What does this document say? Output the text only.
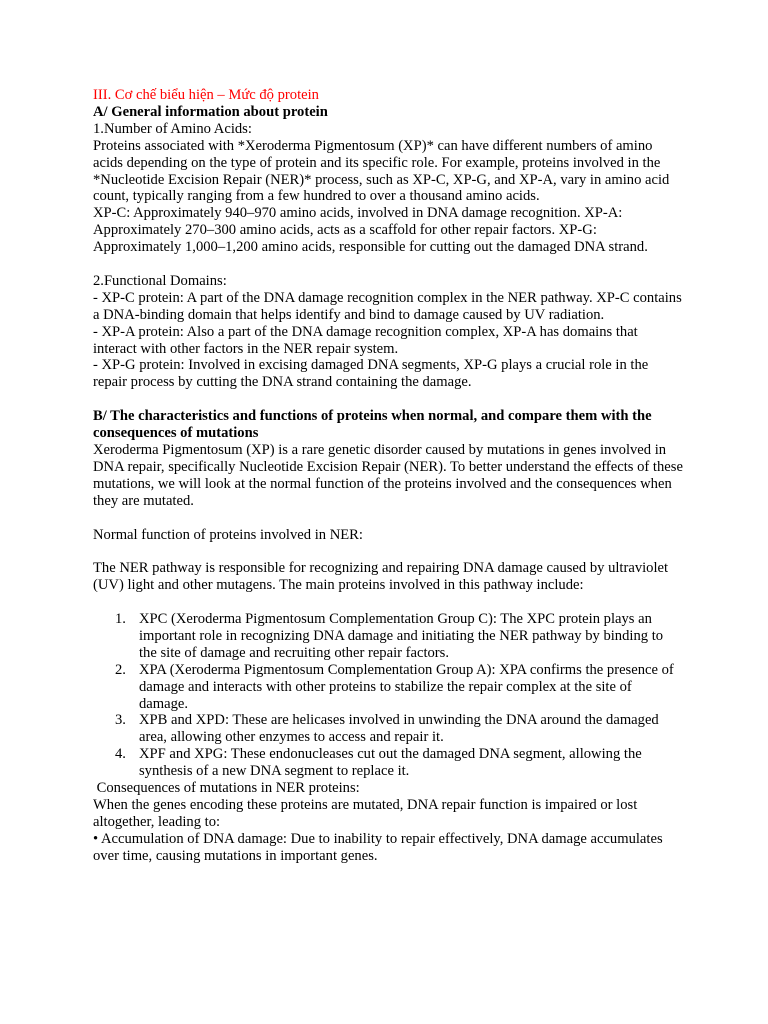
III. Cơ chế biểu hiện – Mức độ protein

A/ General information about protein

1.Number of Amino Acids:

Proteins associated with *Xeroderma Pigmentosum (XP)* can have different numbers of amino acids depending on the type of protein and its specific role. For example, proteins involved in the *Nucleotide Excision Repair (NER)* process, such as XP-C, XP-G, and XP-A, vary in amino acid count, typically ranging from a few hundred to over a thousand amino acids.

XP-C: Approximately 940–970 amino acids, involved in DNA damage recognition. XP-A: Approximately 270–300 amino acids, acts as a scaffold for other repair factors. XP-G: Approximately 1,000–1,200 amino acids, responsible for cutting out the damaged DNA strand.

2.Functional Domains:

- XP-C protein: A part of the DNA damage recognition complex in the NER pathway. XP-C contains a DNA-binding domain that helps identify and bind to damage caused by UV radiation.

- XP-A protein: Also a part of the DNA damage recognition complex, XP-A has domains that interact with other factors in the NER repair system.

- XP-G protein: Involved in excising damaged DNA segments, XP-G plays a crucial role in the repair process by cutting the DNA strand containing the damage.

B/ The characteristics and functions of proteins when normal, and compare them with the consequences of mutations

Xeroderma Pigmentosum (XP) is a rare genetic disorder caused by mutations in genes involved in DNA repair, specifically Nucleotide Excision Repair (NER). To better understand the effects of these mutations, we will look at the normal function of the proteins involved and the consequences when they are mutated.

Normal function of proteins involved in NER:

The NER pathway is responsible for recognizing and repairing DNA damage caused by ultraviolet (UV) light and other mutagens. The main proteins involved in this pathway include:

1. XPC (Xeroderma Pigmentosum Complementation Group C): The XPC protein plays an important role in recognizing DNA damage and initiating the NER pathway by binding to the site of damage and recruiting other repair factors.
2. XPA (Xeroderma Pigmentosum Complementation Group A): XPA confirms the presence of damage and interacts with other proteins to stabilize the repair complex at the site of damage.
3. XPB and XPD: These are helicases involved in unwinding the DNA around the damaged area, allowing other enzymes to access and repair it.
4. XPF and XPG: These endonucleases cut out the damaged DNA segment, allowing the synthesis of a new DNA segment to replace it.

Consequences of mutations in NER proteins:

When the genes encoding these proteins are mutated, DNA repair function is impaired or lost altogether, leading to:

• Accumulation of DNA damage: Due to inability to repair effectively, DNA damage accumulates over time, causing mutations in important genes.
